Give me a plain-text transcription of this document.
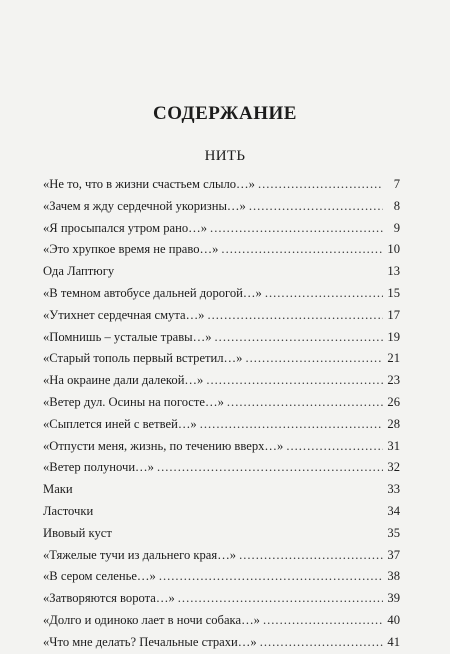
СОДЕРЖАНИЕ
НИТЬ
«Не то, что в жизни счастьем слыло…» .....	7
«Зачем я жду сердечной укоризны…» .....	8
«Я просыпался утром рано…» .....	9
«Это хрупкое время не право…» .....	10
Ода Лаптюгу	13
«В темном автобусе дальней дорогой…» .....	15
«Утихнет сердечная смута…» .....	17
«Помнишь – усталые травы…» .....	19
«Старый тополь первый встретил…» .....	21
«На окраине дали далекой…» .....	23
«Ветер дул. Осины на погосте…» .....	26
«Сыплется иней с ветвей…» .....	28
«Отпусти меня, жизнь, по течению вверх…» .....	31
«Ветер полуночи…» .....	32
Маки	33
Ласточки	34
Ивовый куст	35
«Тяжелые тучи из дальнего края…» .....	37
«В сером селенье…» .....	38
«Затворяются ворота…» .....	39
«Долго и одиноко лает в ночи собака…» .....	40
«Что мне делать? Печальные страхи…» .....	41
